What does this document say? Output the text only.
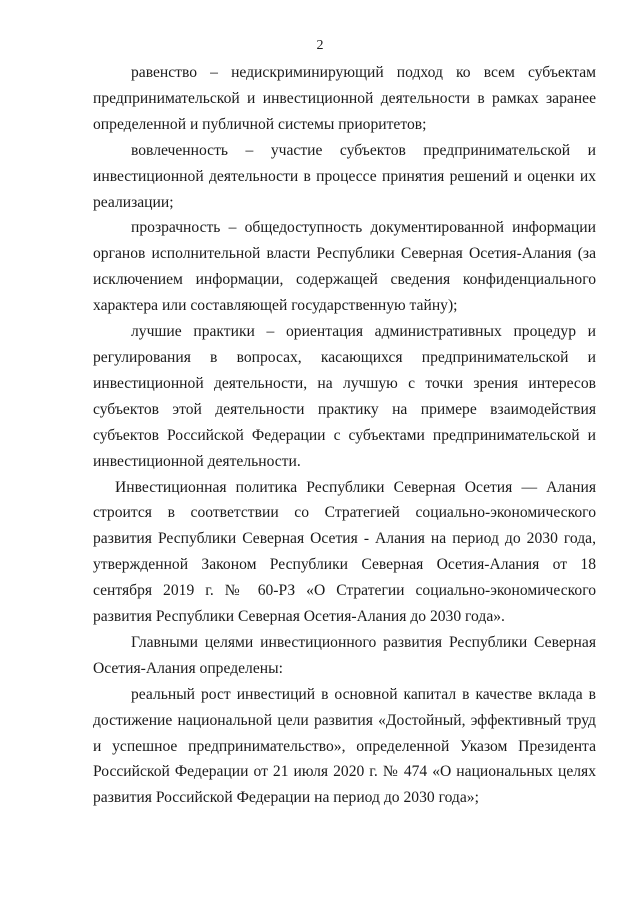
2

равенство – недискриминирующий подход ко всем субъектам предпринимательской и инвестиционной деятельности в рамках заранее определенной и публичной системы приоритетов;

вовлеченность – участие субъектов предпринимательской и инвестиционной деятельности в процессе принятия решений и оценки их реализации;

прозрачность – общедоступность документированной информации органов исполнительной власти Республики Северная Осетия-Алания (за исключением информации, содержащей сведения конфиденциального характера или составляющей государственную тайну);

лучшие практики – ориентация административных процедур и регулирования в вопросах, касающихся предпринимательской и инвестиционной деятельности, на лучшую с точки зрения интересов субъектов этой деятельности практику на примере взаимодействия субъектов Российской Федерации с субъектами предпринимательской и инвестиционной деятельности.

Инвестиционная политика Республики Северная Осетия — Алания строится в соответствии со Стратегией социально-экономического развития Республики Северная Осетия - Алания на период до 2030 года, утвержденной Законом Республики Северная Осетия-Алания от 18 сентября 2019 г. № 60-РЗ «О Стратегии социально-экономического развития Республики Северная Осетия-Алания до 2030 года».

Главными целями инвестиционного развития Республики Северная Осетия-Алания определены:

реальный рост инвестиций в основной капитал в качестве вклада в достижение национальной цели развития «Достойный, эффективный труд и успешное предпринимательство», определенной Указом Президента Российской Федерации от 21 июля 2020 г. № 474 «О национальных целях развития Российской Федерации на период до 2030 года»;
